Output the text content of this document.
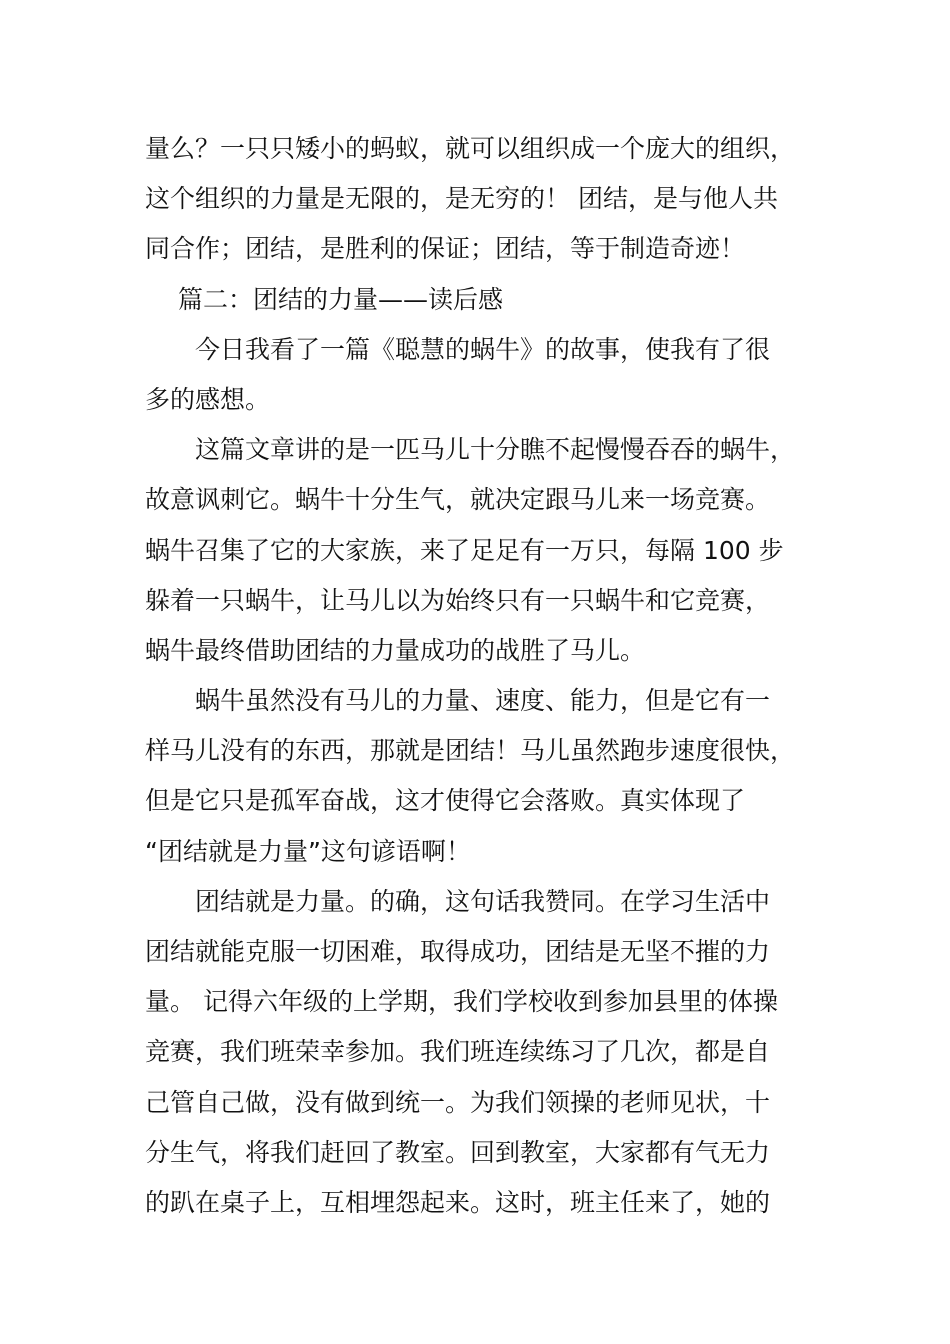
量么？一只只矮小的蚂蚁，就可以组织成一个庞大的组织，
这个组织的力量是无限的，是无穷的！ 团结，是与他人共
同合作；团结，是胜利的保证；团结，等于制造奇迹！
篇二：团结的力量——读后感
今日我看了一篇《聪慧的蜗牛》的故事，使我有了很
多的感想。
这篇文章讲的是一匹马儿十分瞧不起慢慢吞吞的蜗牛，
故意讽刺它。蜗牛十分生气，就决定跟马儿来一场竞赛。
蜗牛召集了它的大家族，来了足足有一万只，每隔 100 步
躲着一只蜗牛，让马儿以为始终只有一只蜗牛和它竞赛，
蜗牛最终借助团结的力量成功的战胜了马儿。
蜗牛虽然没有马儿的力量、速度、能力，但是它有一
样马儿没有的东西，那就是团结！马儿虽然跑步速度很快，
但是它只是孤军奋战，这才使得它会落败。真实体现了
“团结就是力量”这句谚语啊！
团结就是力量。的确，这句话我赞同。在学习生活中
团结就能克服一切困难，取得成功，团结是无坚不摧的力
量。 记得六年级的上学期，我们学校收到参加县里的体操
竞赛，我们班荣幸参加。我们班连续练习了几次，都是自
己管自己做，没有做到统一。为我们领操的老师见状，十
分生气，将我们赶回了教室。回到教室，大家都有气无力
的趴在桌子上，互相埋怨起来。这时，班主任来了，她的
